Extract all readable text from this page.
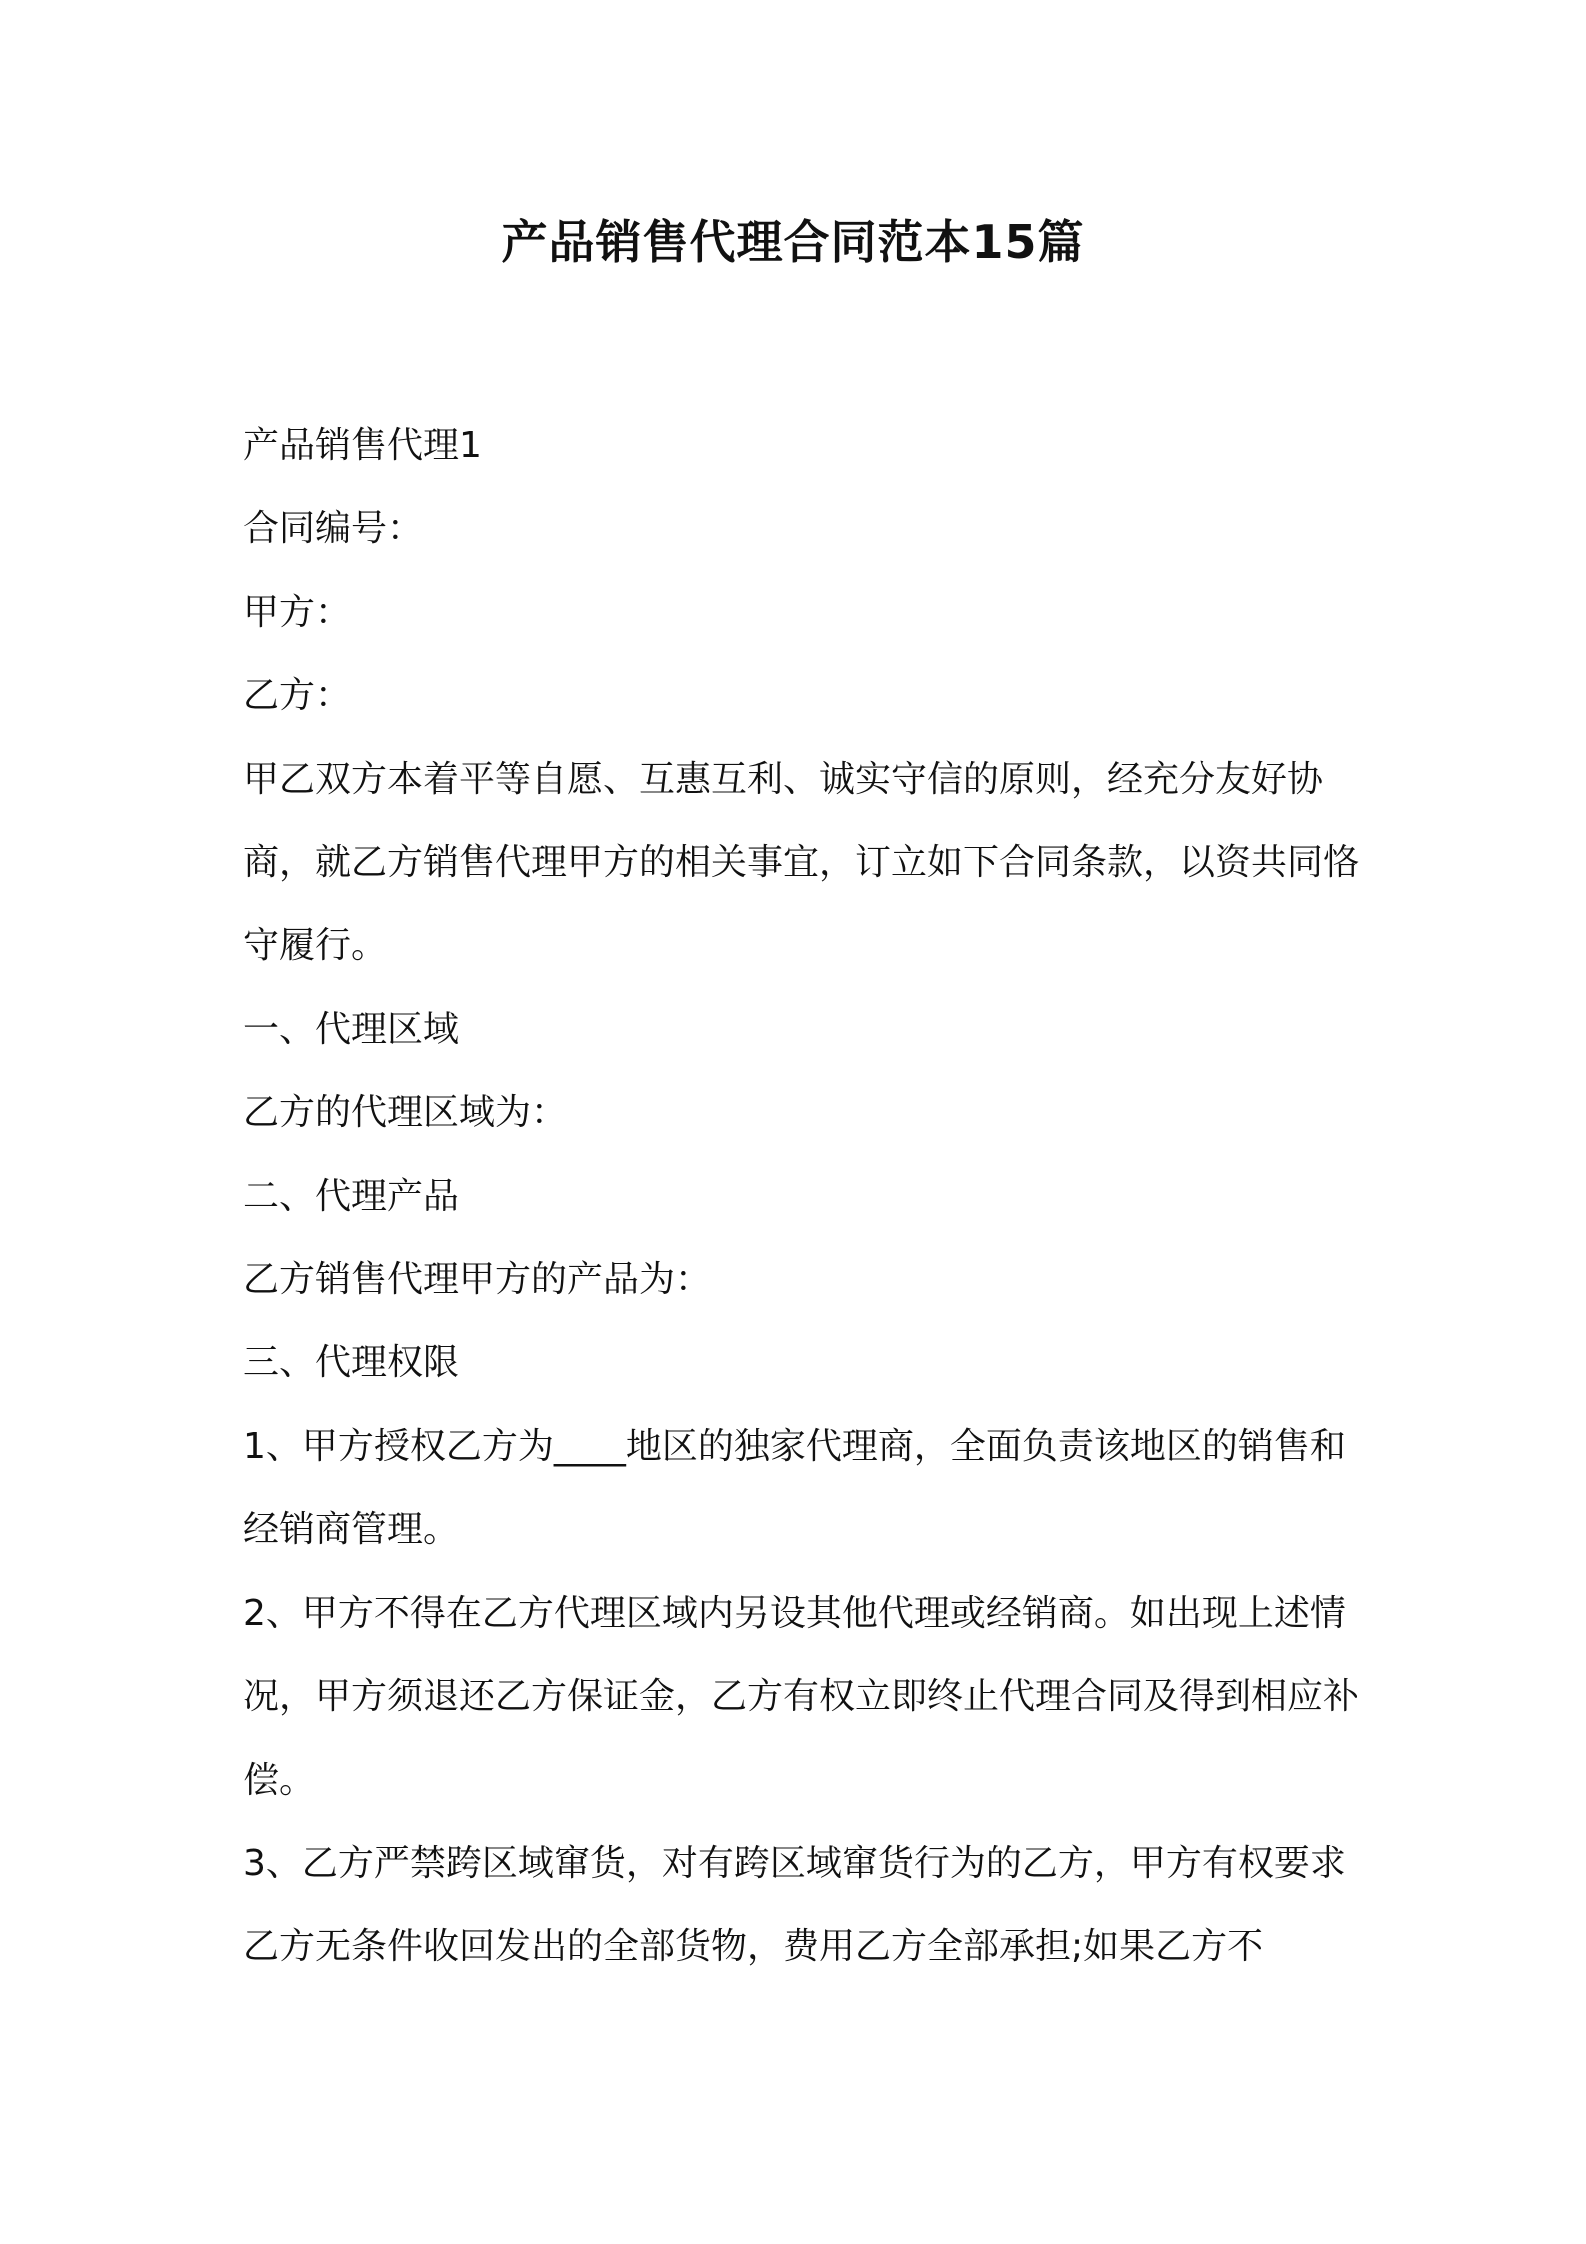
产品销售代理合同范本15篇

产品销售代理1

合同编号：

甲方：

乙方：

甲乙双方本着平等自愿、互惠互利、诚实守信的原则，经充分友好协商，就乙方销售代理甲方的相关事宜，订立如下合同条款，以资共同恪守履行。

一、代理区域

乙方的代理区域为：

二、代理产品

乙方销售代理甲方的产品为：

三、代理权限

1、甲方授权乙方为____地区的独家代理商，全面负责该地区的销售和经销商管理。

2、甲方不得在乙方代理区域内另设其他代理或经销商。如出现上述情况，甲方须退还乙方保证金，乙方有权立即终止代理合同及得到相应补偿。

3、乙方严禁跨区域窜货，对有跨区域窜货行为的乙方，甲方有权要求乙方无条件收回发出的全部货物，费用乙方全部承担;如果乙方不
